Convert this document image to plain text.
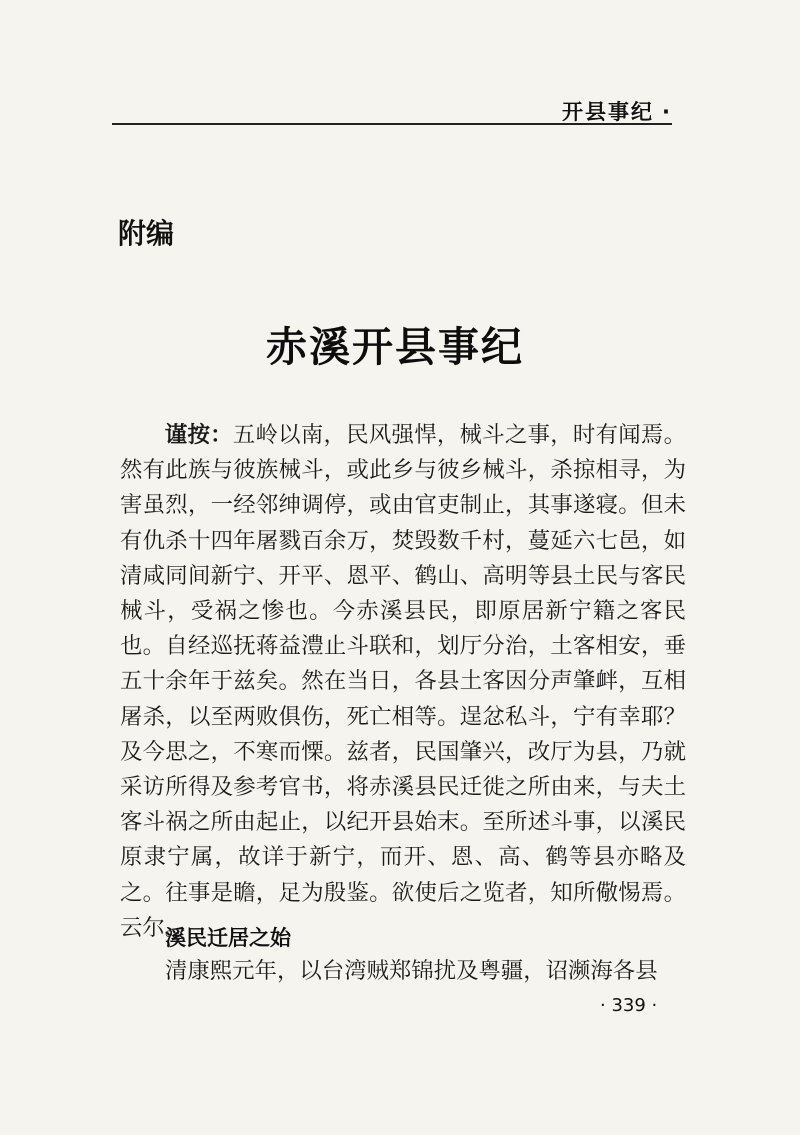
开县事纪 ·
附编
赤溪开县事纪

谨按：五岭以南，民风强悍，械斗之事，时有闻焉。然有此族与彼族械斗，或此乡与彼乡械斗，杀掠相寻，为害虽烈，一经邻绅调停，或由官吏制止，其事遂寝。但未有仇杀十四年屠戮百余万，焚毁数千村，蔓延六七邑，如清咸同间新宁、开平、恩平、鹤山、高明等县土民与客民械斗，受祸之惨也。今赤溪县民，即原居新宁籍之客民也。自经巡抚蒋益澧止斗联和，划厅分治，土客相安，垂五十余年于兹矣。然在当日，各县土客因分声肇衅，互相屠杀，以至两败俱伤，死亡相等。逞忿私斗，宁有幸耶？及今思之，不寒而慄。兹者，民国肇兴，改厅为县，乃就采访所得及参考官书，将赤溪县民迁徙之所由来，与夫土客斗祸之所由起止，以纪开县始末。至所述斗事，以溪民原隶宁属，故详于新宁，而开、恩、高、鹤等县亦略及之。往事是瞻，足为殷鉴。欲使后之览者，知所儆惕焉。云尔。

溪民迁居之始
清康熙元年，以台湾贼郑锦扰及粤疆，诏濒海各县
· 339 ·
